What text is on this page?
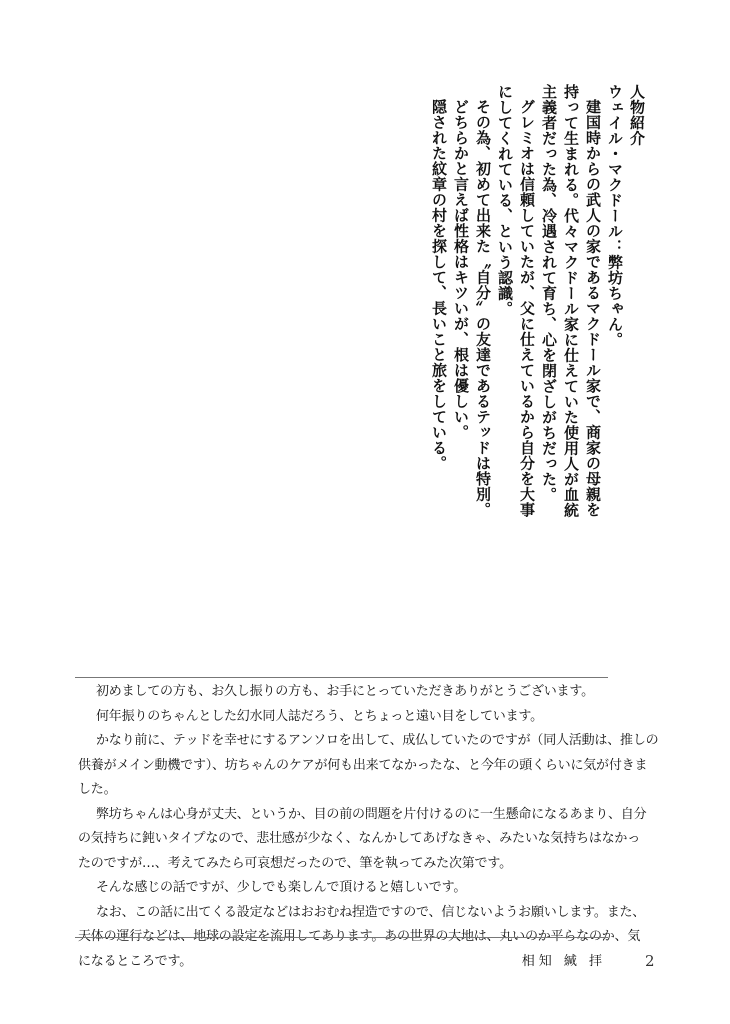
人物紹介
ウェイル・マクドール：弊坊ちゃん。
建国時からの武人の家であるマクドール家で、商家の母親を
持って生まれる。代々マクドール家に仕えていた使用人が血統
主義者だった為、冷遇されて育ち、心を閉ざしがちだった。
グレミオは信頼していたが、父に仕えているから自分を大事
にしてくれている、という認識。
その為、初めて出来た〝自分〟の友達であるテッドは特別。
どちらかと言えば性格はキツいが、根は優しい。
隠された紋章の村を探して、長いこと旅をしている。
初めましての方も、お久し振りの方も、お手にとっていただきありがとうございます。
何年振りのちゃんとした幻水同人誌だろう、とちょっと遠い目をしています。
かなり前に、テッドを幸せにするアンソロを出して、成仏していたのですが（同人活動は、推しの
供養がメイン動機です）、坊ちゃんのケアが何も出来てなかったな、と今年の頭くらいに気が付きま
した。
弊坊ちゃんは心身が丈夫、というか、目の前の問題を片付けるのに一生懸命になるあまり、自分
の気持ちに鈍いタイプなので、悲壮感が少なく、なんかしてあげなきゃ、みたいな気持ちはなかっ
たのですが…、考えてみたら可哀想だったので、筆を執ってみた次第です。
そんな感じの話ですが、少しでも楽しんで頂けると嬉しいです。
なお、この話に出てくる設定などはおおむね捏造ですので、信じないようお願いします。また、
天体の運行などは、地球の設定を流用してあります。あの世界の大地は、丸いのか平らなのか、気
になるところです。	相知 緘 拝	2
